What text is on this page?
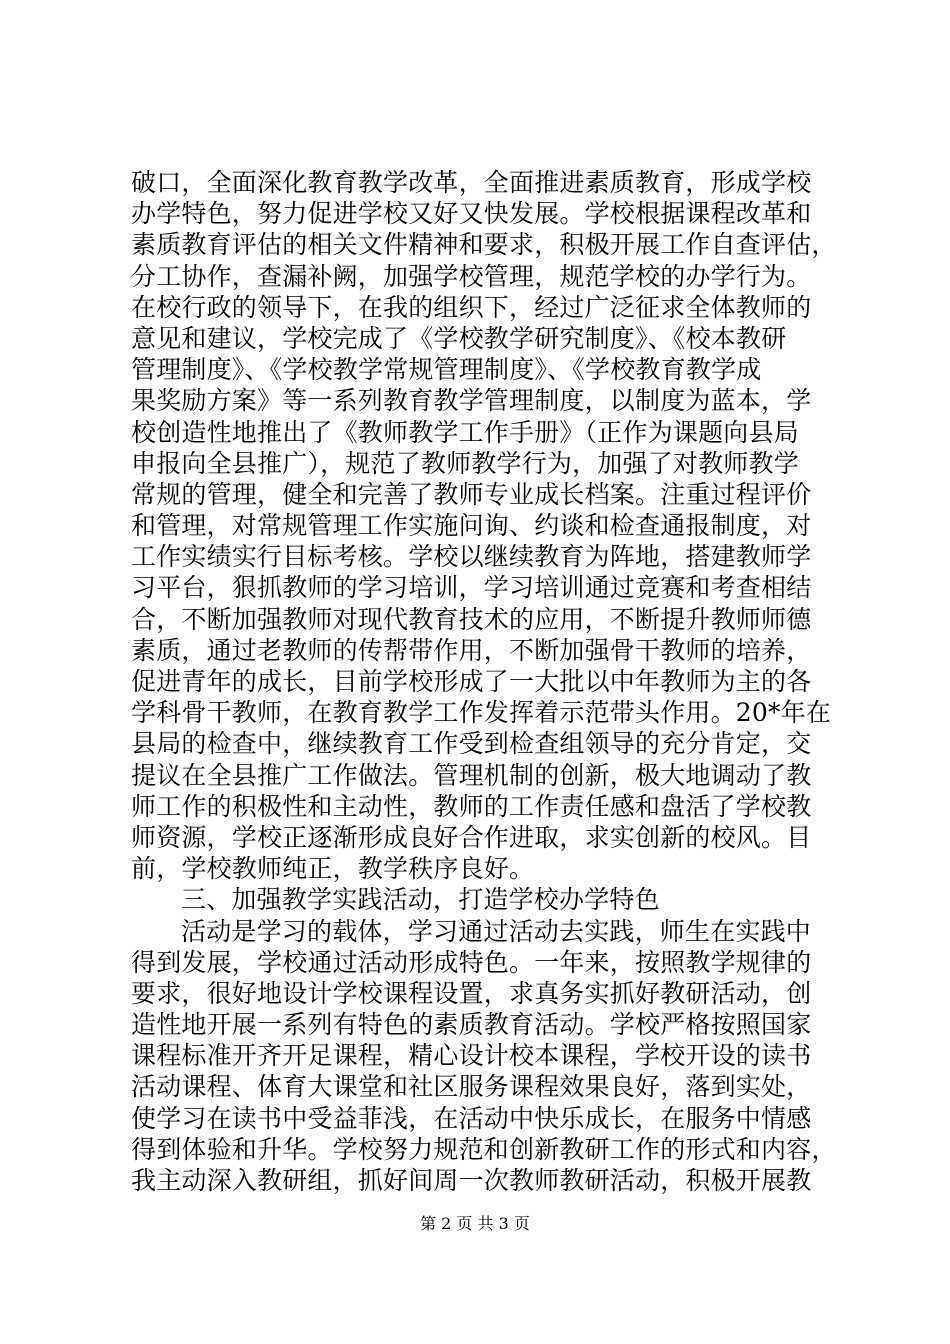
破口，全面深化教育教学改革，全面推进素质教育，形成学校
办学特色，努力促进学校又好又快发展。学校根据课程改革和
素质教育评估的相关文件精神和要求，积极开展工作自查评估，
分工协作，查漏补阙，加强学校管理，规范学校的办学行为。
在校行政的领导下，在我的组织下，经过广泛征求全体教师的
意见和建议，学校完成了《学校教学研究制度》、《校本教研
管理制度》、《学校教学常规管理制度》、《学校教育教学成
果奖励方案》等一系列教育教学管理制度，以制度为蓝本，学
校创造性地推出了《教师教学工作手册》（正作为课题向县局
申报向全县推广），规范了教师教学行为，加强了对教师教学
常规的管理，健全和完善了教师专业成长档案。注重过程评价
和管理，对常规管理工作实施问询、约谈和检查通报制度，对
工作实绩实行目标考核。学校以继续教育为阵地，搭建教师学
习平台，狠抓教师的学习培训，学习培训通过竞赛和考查相结
合，不断加强教师对现代教育技术的应用，不断提升教师师德
素质，通过老教师的传帮带作用，不断加强骨干教师的培养，
促进青年的成长，目前学校形成了一大批以中年教师为主的各
学科骨干教师，在教育教学工作发挥着示范带头作用。20*年在
县局的检查中，继续教育工作受到检查组领导的充分肯定，交
提议在全县推广工作做法。管理机制的创新，极大地调动了教
师工作的积极性和主动性，教师的工作责任感和盘活了学校教
师资源，学校正逐渐形成良好合作进取，求实创新的校风。目
前，学校教师纯正，教学秩序良好。
三、加强教学实践活动，打造学校办学特色
活动是学习的载体，学习通过活动去实践，师生在实践中
得到发展，学校通过活动形成特色。一年来，按照教学规律的
要求，很好地设计学校课程设置，求真务实抓好教研活动，创
造性地开展一系列有特色的素质教育活动。学校严格按照国家
课程标准开齐开足课程，精心设计校本课程，学校开设的读书
活动课程、体育大课堂和社区服务课程效果良好，落到实处，
使学习在读书中受益菲浅，在活动中快乐成长，在服务中情感
得到体验和升华。学校努力规范和创新教研工作的形式和内容，
我主动深入教研组，抓好间周一次教师教研活动，积极开展教
第 2 页 共 3 页
